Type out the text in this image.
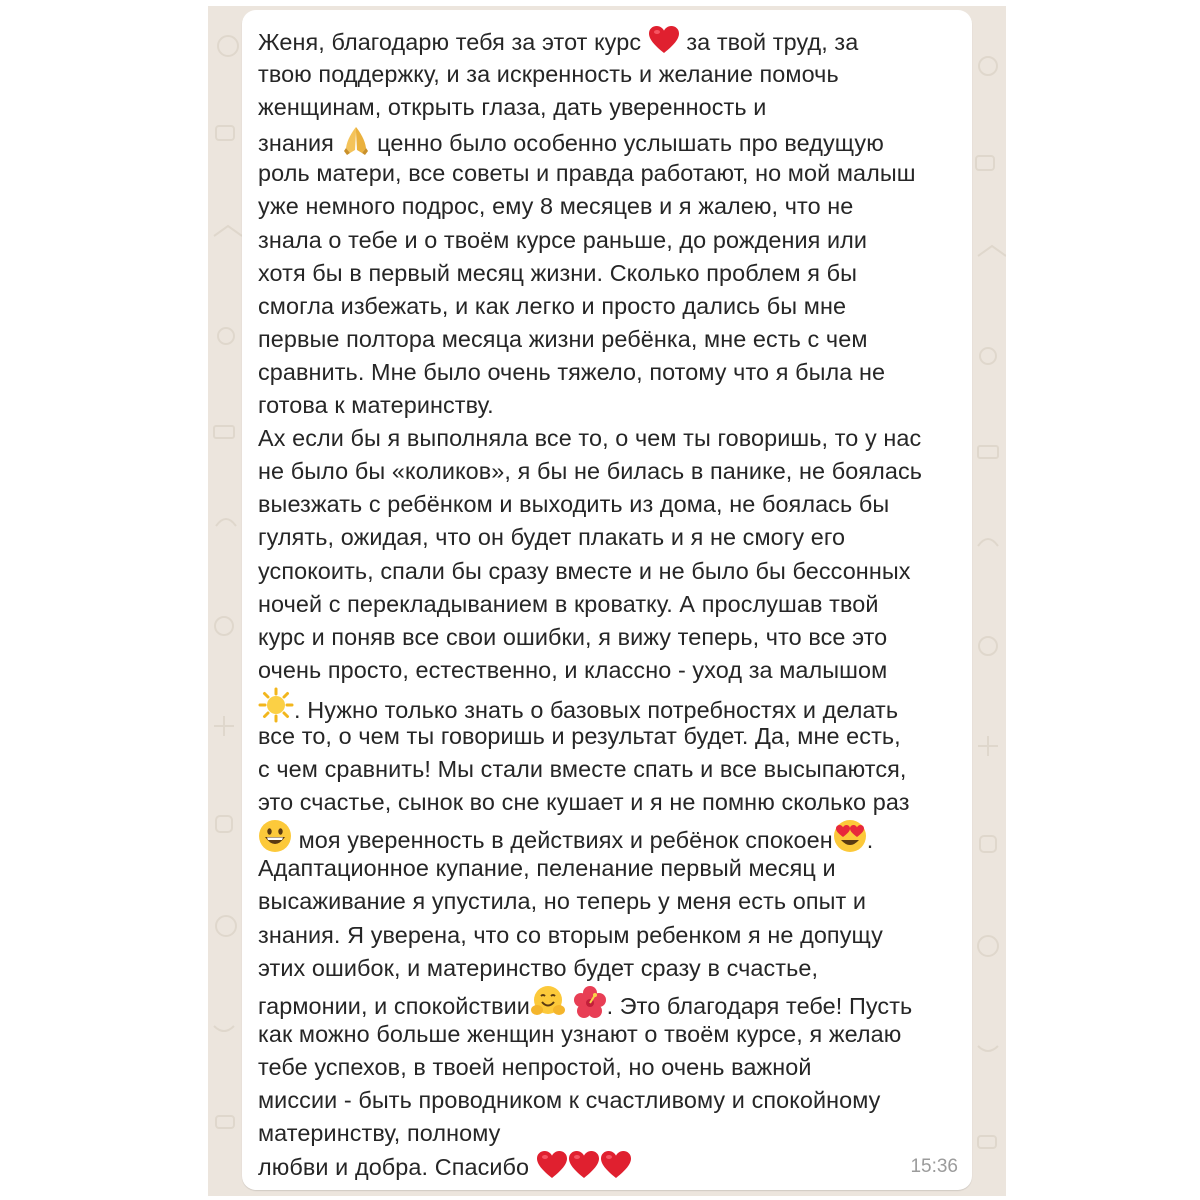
Женя, благодарю тебя за этот курс
за твой труд, за
твою поддержку, и за искренность и желание помочь
женщинам, открыть глаза, дать уверенность и
знания
ценно было особенно услышать про ведущую
роль матери, все советы и правда работают, но мой малыш
уже немного подрос, ему 8 месяцев и я жалею, что не
знала о тебе и о твоём курсе раньше, до рождения или
хотя бы в первый месяц жизни. Сколько проблем я бы
смогла избежать, и как легко и просто дались бы мне
первые полтора месяца жизни ребёнка, мне есть с чем
сравнить. Мне было очень тяжело, потому что я была не
готова к материнству.
Ах если бы я выполняла все то, о чем ты говоришь, то у нас
не было бы «коликов», я бы не билась в панике, не боялась
выезжать с ребёнком и выходить из дома, не боялась бы
гулять, ожидая, что он будет плакать и я не смогу его
успокоить, спали бы сразу вместе и не было бы бессонных
ночей с перекладыванием в кроватку. А прослушав твой
курс и поняв все свои ошибки, я вижу теперь, что все это
очень просто, естественно, и классно - уход за малышом
. Нужно только знать о базовых потребностях и делать
все то, о чем ты говоришь и результат будет. Да, мне есть,
с чем сравнить! Мы стали вместе спать и все высыпаются,
это счастье, сынок во сне кушает и я не помню сколько раз
моя уверенность в действиях и ребёнок спокоен .
Адаптационное купание, пеленание первый месяц и
высаживание я упустила, но теперь у меня есть опыт и
знания. Я уверена, что со вторым ребенком я не допущу
этих ошибок, и материнство будет сразу в счастье,
гармонии, и спокойствии
	. Это благодаря тебе! Пусть
как можно больше женщин узнают о твоём курсе, я желаю
тебе успехов, в твоей непростой, но очень важной
миссии - быть проводником к счастливому и спокойному
материнству, полному
любви и добра. Спасибо	15:36
